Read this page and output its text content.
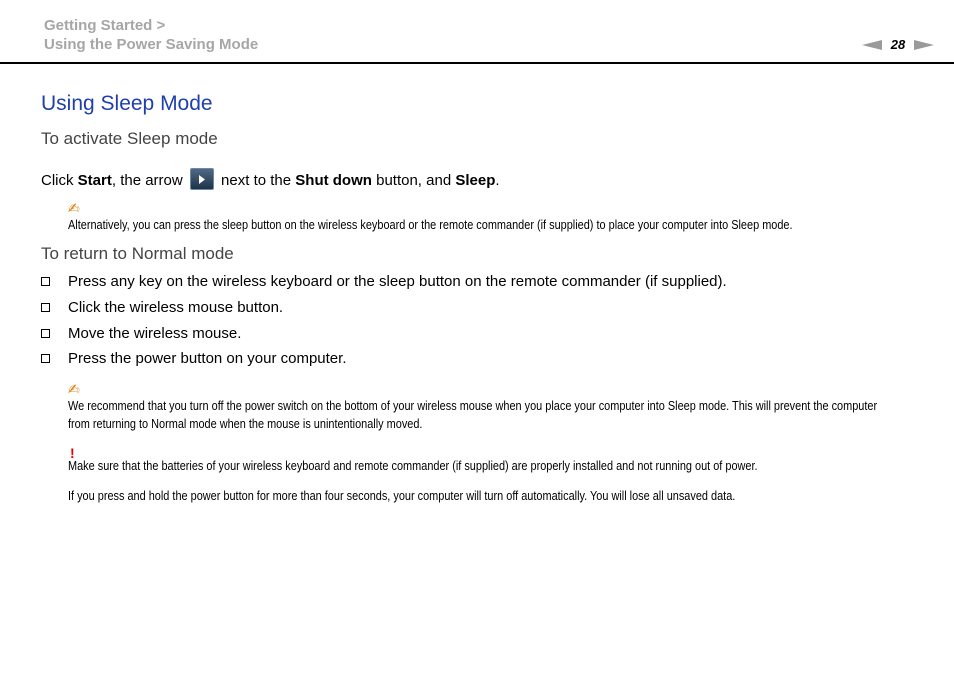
Getting Started >
Using the Power Saving Mode	28
Using Sleep Mode
To activate Sleep mode
Click Start, the arrow
next to the Shut down button, and Sleep.
✍
Alternatively, you can press the sleep button on the wireless keyboard or the remote commander (if supplied) to place your computer into Sleep mode.
To return to Normal mode
Press any key on the wireless keyboard or the sleep button on the remote commander (if supplied).
Click the wireless mouse button.
Move the wireless mouse.
Press the power button on your computer.
✍
We recommend that you turn off the power switch on the bottom of your wireless mouse when you place your computer into Sleep mode. This will prevent the computer from returning to Normal mode when the mouse is unintentionally moved.
!
Make sure that the batteries of your wireless keyboard and remote commander (if supplied) are properly installed and not running out of power.
If you press and hold the power button for more than four seconds, your computer will turn off automatically. You will lose all unsaved data.
